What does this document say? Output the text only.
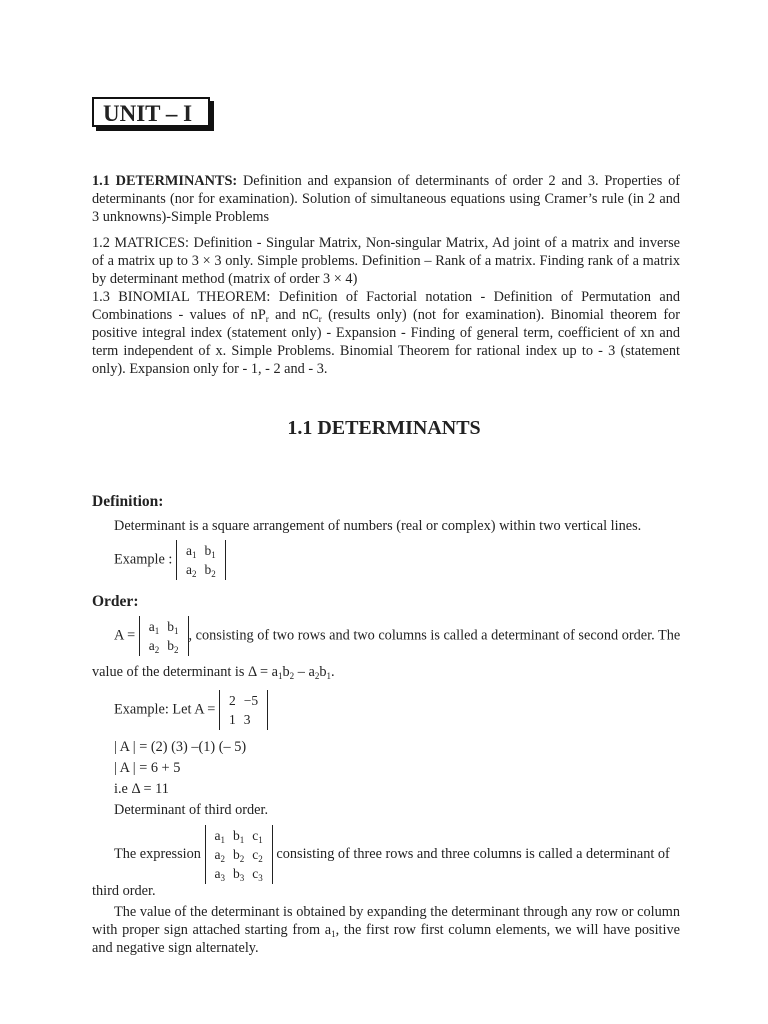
UNIT – I
1.1 DETERMINANTS: Definition and expansion of determinants of order 2 and 3. Properties of determinants (nor for examination). Solution of simultaneous equations using Cramer’s rule (in 2 and 3 unknowns)-Simple Problems
1.2 MATRICES: Definition - Singular Matrix, Non-singular Matrix, Ad joint of a matrix and inverse of a matrix up to 3 × 3 only. Simple problems. Definition – Rank of a matrix. Finding rank of a matrix by determinant method (matrix of order 3 × 4)
1.3 BINOMIAL THEOREM: Definition of Factorial notation - Definition of Permutation and Combinations - values of $nP_r$ and $nC_r$ (results only) (not for examination). Binomial theorem for positive integral index (statement only) - Expansion - Finding of general term, coefficient of xn and term independent of x. Simple Problems. Binomial Theorem for rational index up to - 3 (statement only). Expansion only for - 1, - 2 and - 3.
1.1 DETERMINANTS
Definition:
Determinant is a square arrangement of numbers (real or complex) within two vertical lines.
Example :
$a_1$	$b_1$
$a_2$	$b_2$
Order:
A =
$a_1$	$b_1$
$a_2$	$b_2$
, consisting of two rows and two columns is called a determinant of second order. The
value of the determinant is $\Delta = a_1b_2 - a_2b_1$.
Example: Let A =
2	−5
1	3
| A | = (2) (3) –(1) (– 5)
| A | = 6 + 5
i.e Δ = 11
Determinant of third order.
The expression
$a_1$	$b_1$	$c_1$
$a_2$	$b_2$	$c_2$
$a_3$	$b_3$	$c_3$
consisting of three rows and three columns is called a determinant of
third order.
The value of the determinant is obtained by expanding the determinant through any row or column with proper sign attached starting from $a_1$, the first row first column elements, we will have positive and negative sign alternately.
